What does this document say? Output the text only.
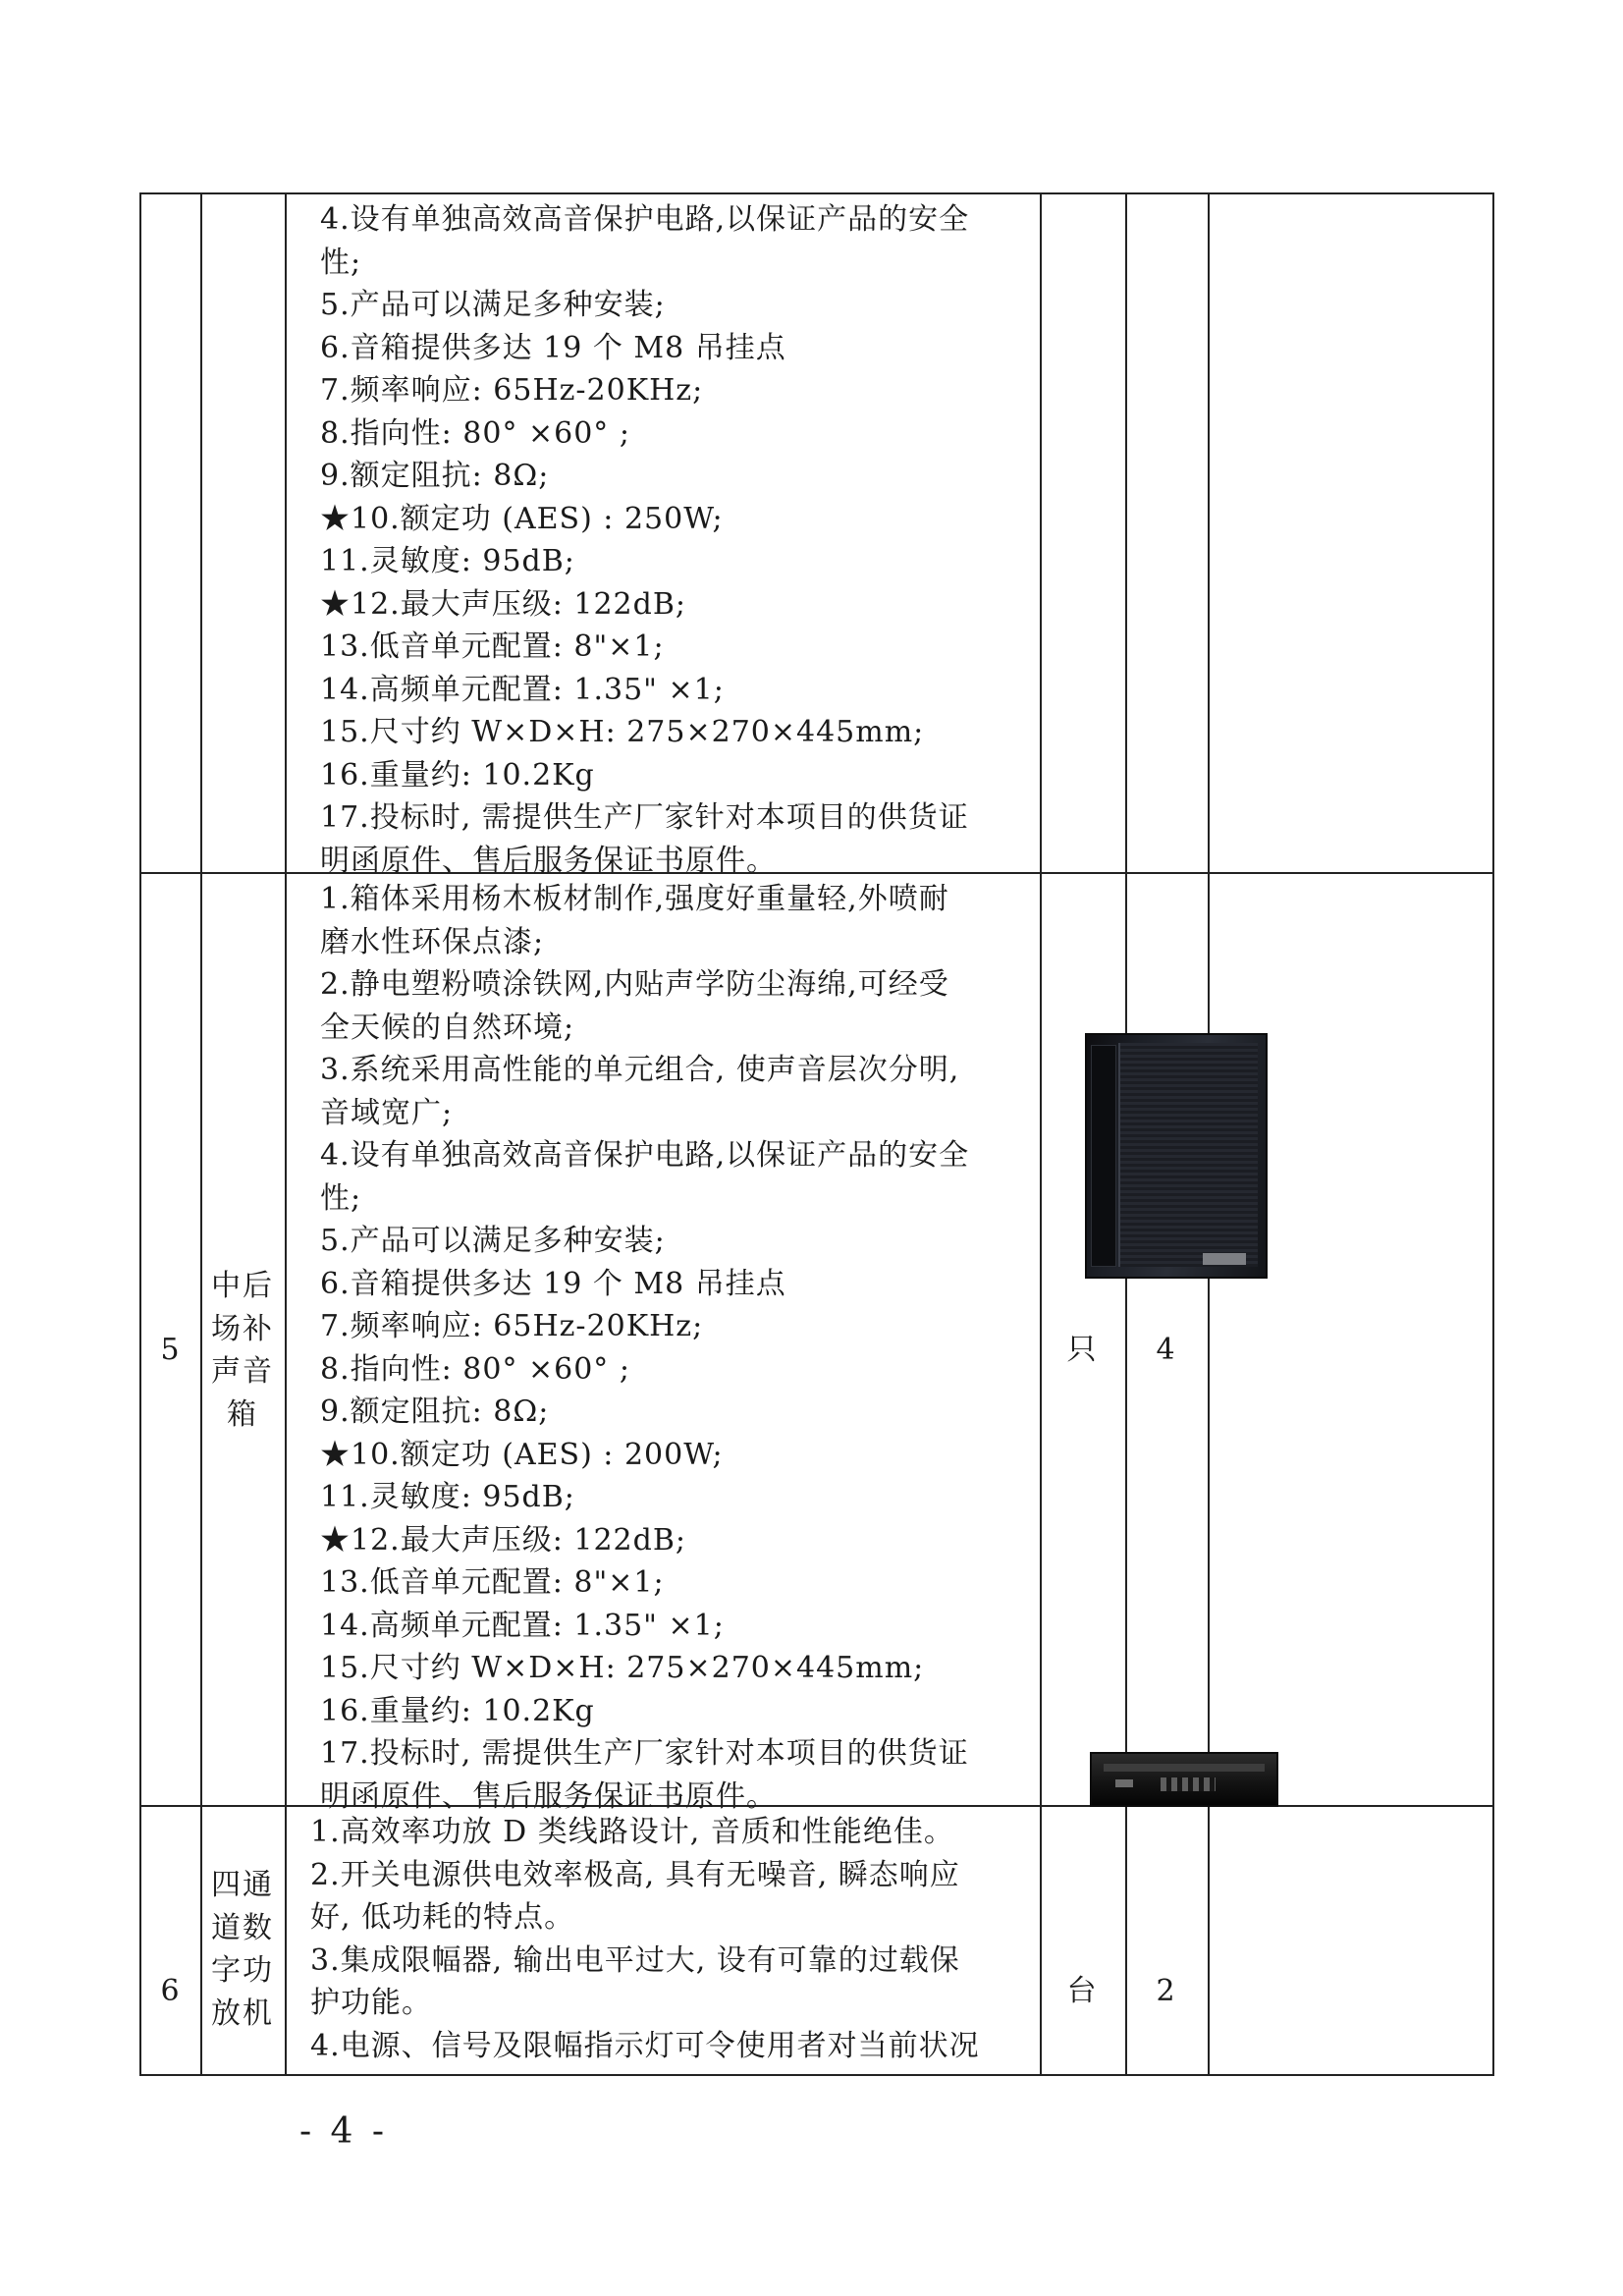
4.设有单独高效高音保护电路,以保证产品的安全
性;
5.产品可以满足多种安装;
6.音箱提供多达 19 个 M8 吊挂点
7.频率响应: 65Hz-20KHz;
8.指向性: 80° ×60° ;
9.额定阻抗: 8Ω;
★10.额定功 (AES) : 250W;
11.灵敏度: 95dB;
★12.最大声压级: 122dB;
13.低音单元配置: 8"×1;
14.高频单元配置: 1.35" ×1;
15.尺寸约 W×D×H: 275×270×445mm;
16.重量约: 10.2Kg
17.投标时, 需提供生产厂家针对本项目的供货证
明函原件、售后服务保证书原件。
5
中后
场补
声音
箱
1.箱体采用杨木板材制作,强度好重量轻,外喷耐
磨水性环保点漆;
2.静电塑粉喷涂铁网,内贴声学防尘海绵,可经受
全天候的自然环境;
3.系统采用高性能的单元组合, 使声音层次分明,
音域宽广;
4.设有单独高效高音保护电路,以保证产品的安全
性;
5.产品可以满足多种安装;
6.音箱提供多达 19 个 M8 吊挂点
7.频率响应: 65Hz-20KHz;
8.指向性: 80° ×60° ;
9.额定阻抗: 8Ω;
★10.额定功 (AES) : 200W;
11.灵敏度: 95dB;
★12.最大声压级: 122dB;
13.低音单元配置: 8"×1;
14.高频单元配置: 1.35" ×1;
15.尺寸约 W×D×H: 275×270×445mm;
16.重量约: 10.2Kg
17.投标时, 需提供生产厂家针对本项目的供货证
明函原件、售后服务保证书原件。
只	4
6
四通
道数
字功
放机
1.高效率功放 D 类线路设计, 音质和性能绝佳。
2.开关电源供电效率极高, 具有无噪音, 瞬态响应
好, 低功耗的特点。
3.集成限幅器, 输出电平过大, 设有可靠的过载保
护功能。
4.电源、信号及限幅指示灯可令使用者对当前状况
台	2
- 4 -
